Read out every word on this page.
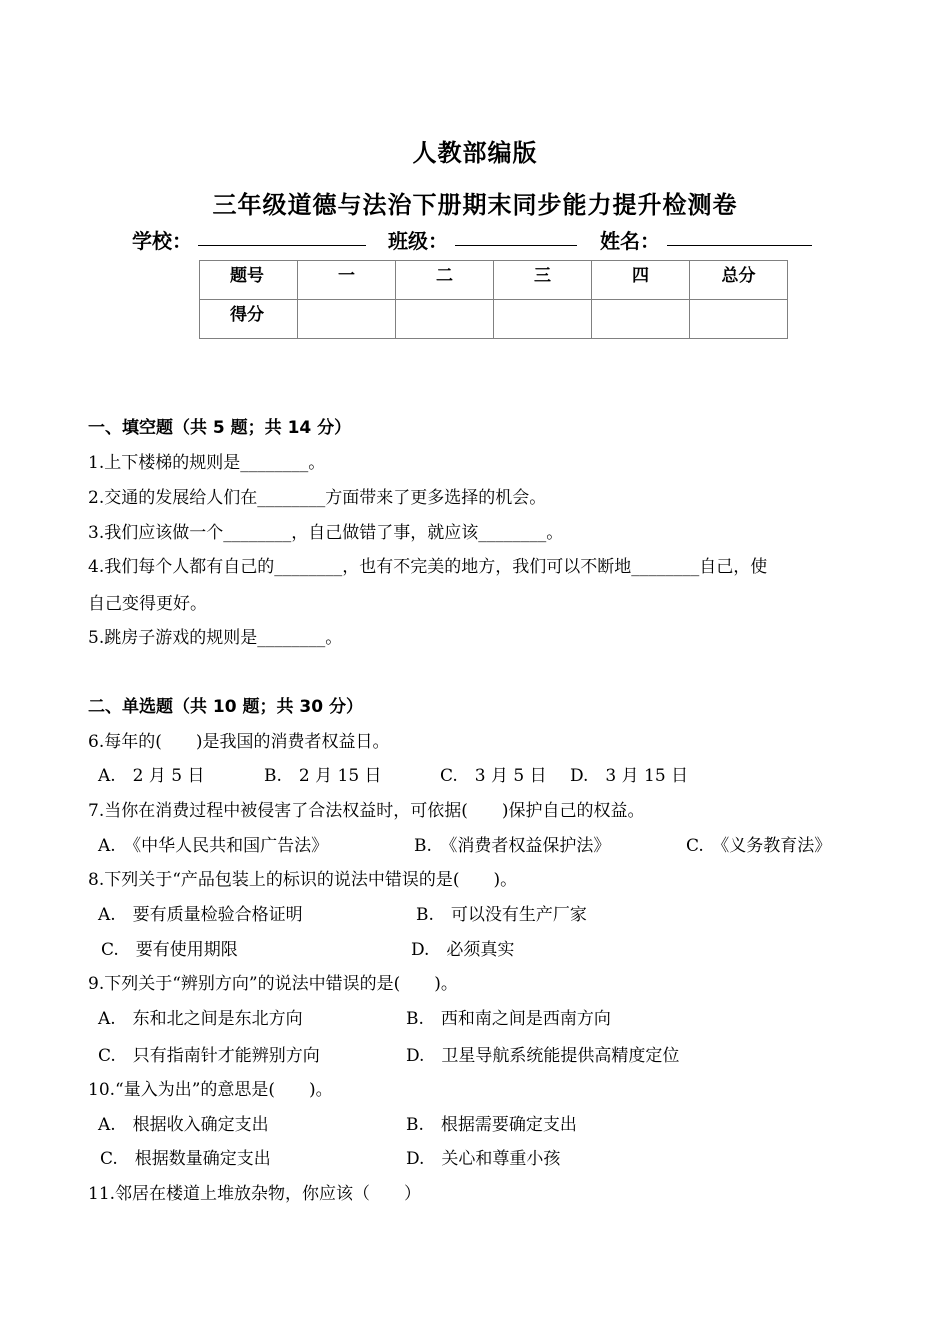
人教部编版
三年级道德与法治下册期末同步能力提升检测卷
学校：	班级：	姓名：
题号	一	二	三	四	总分
得分					
一、填空题（共 5 题；共 14 分）
1.上下楼梯的规则是________。
2.交通的发展给人们在________方面带来了更多选择的机会。
3.我们应该做一个________，自己做错了事，就应该________。
4.我们每个人都有自己的________，也有不完美的地方，我们可以不断地________自己，使
自己变得更好。
5.跳房子游戏的规则是________。
二、单选题（共 10 题；共 30 分）
6.每年的(　　)是我国的消费者权益日。
A.　2 月 5 日	B.　2 月 15 日	C.　3 月 5 日 D.　3 月 15 日
7.当你在消费过程中被侵害了合法权益时，可依据(　　)保护自己的权益。
A.　《中华人民共和国广告法》	B.　《消费者权益保护法》	C.　《义务教育法》
8.下列关于“产品包装上的标识的说法中错误的是(　　)。
A.　要有质量检验合格证明	B.　可以没有生产厂家
C.　要有使用期限	D.　必须真实
9.下列关于“辨别方向”的说法中错误的是(　　)。
A.　东和北之间是东北方向	B.　西和南之间是西南方向
C.　只有指南针才能辨别方向	D.　卫星导航系统能提供高精度定位
10.“量入为出”的意思是(　　)。
A.　根据收入确定支出	B.　根据需要确定支出
C.　根据数量确定支出	D.　关心和尊重小孩
11.邻居在楼道上堆放杂物，你应该（　　）
